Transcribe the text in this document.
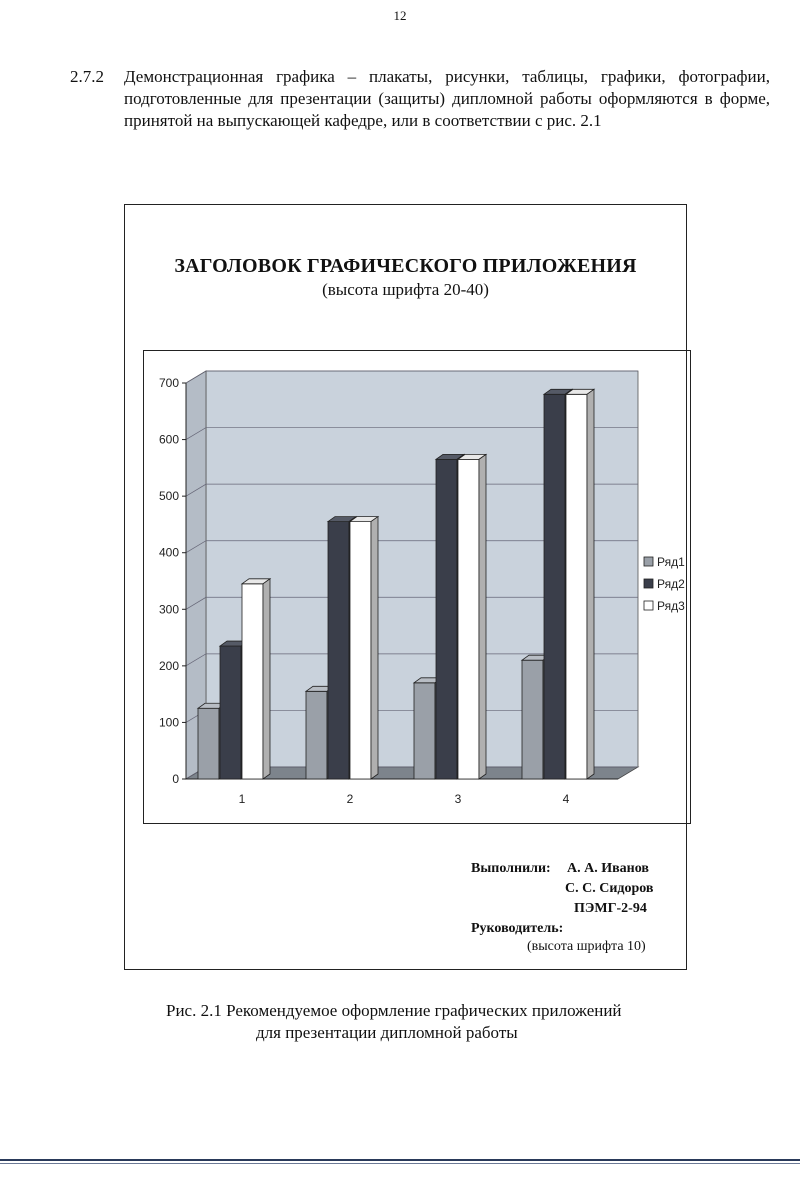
12
2.7.2 Демонстрационная графика – плакаты, рисунки, таблицы, графики, фотографии, подготовленные для презентации (защиты) дипломной работы оформляются в форме, принятой на выпускающей кафедре, или в соответствии с рис. 2.1
ЗАГОЛОВОК ГРАФИЧЕСКОГО ПРИЛОЖЕНИЯ
(высота шрифта 20-40)
0
100
200
300
400
500
600
700
1	2	3	4
Ряд1
Ряд2
Ряд3
Выполнили: А. А. Иванов
С. С. Сидоров
ПЭМГ-2-94
Руководитель:
(высота шрифта 10)
Рис. 2.1 Рекомендуемое оформление графических приложений
для презентации дипломной работы
